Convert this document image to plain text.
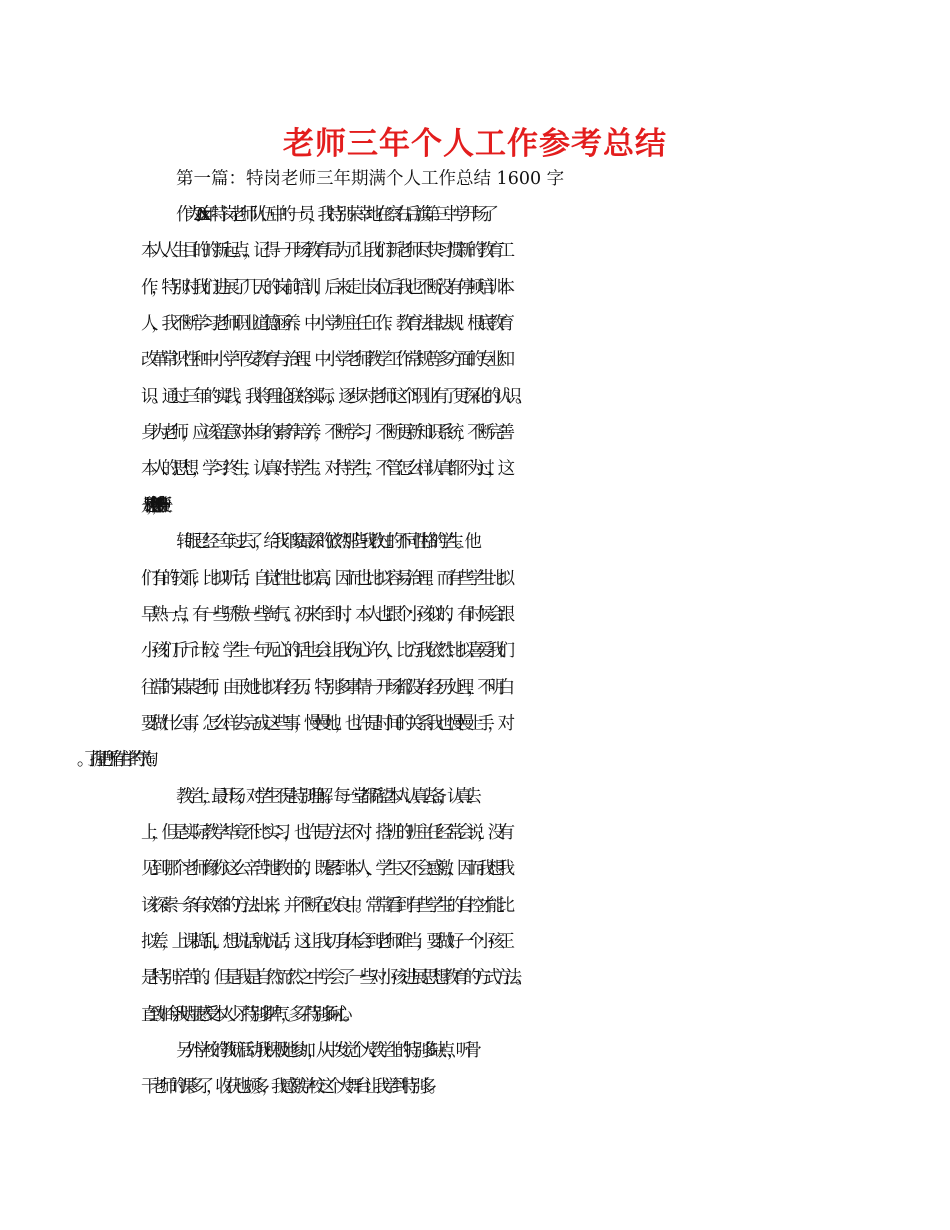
老师三年个人工作参考总结
第一篇：特岗老师三年期满个人工作总结 1600 字
作为 20xx 年特岗老师队伍中的一员，我特别荣幸地在察右后旗第三中学开场了
本人人生目的的新起点，记得一开场教育局为了让我们新老师尽快习惯新的教育工
作，特别对我们进展了几天的岗前培训，后来走上岗位后我也不断没有停顿培训本
人，我不断学习老师职业道德涵养、中小学班主任工作、教育法律法规、根底教育
改革常识性和中小学平安教育与治理、中小学老师教学工作常规等多方面的专业知
识。通过三年的实践，我将理论联络实际，逐步对老师这个职业有了更深化的认识。
身为老师，应该留意对本身的素养培养，不断学习，不断更新知识系统，不断完善
本人的思想，学习终生，认真对待学生。对待学生，不管怎么样认真都不为过，这
是一种态度，一种精神，一种责任！
转眼已经三年过去了，给我印象最深的依然那些我教过的不同性格的学生。他
们有的较乖，比拟听话，自觉性也比拟高，因而也比拟容易治理。而有些学生比拟
早熟一点，有一些骄傲一些淘气。初来乍到时，本人也跟个小孩似的，有时候会跟
小孩们斤斤计较。学生一句无心的话也会让我伤心许久，比方我依然比拟喜爱我们
往常的某某老师，由于她比拟有经历。特别多事情一开场都没有经历处理，不明白
要做什么事，怎么样去完成这些事，慢慢地，也许是时间的关系我也慢慢上手，对
教学上，最开场，对学生不是特别理解。每一堂都希望本人认真去备，认真去
上，但是实际教学毕竟不比实习，也许是方法不对，搭班的班主任经常会说，没有
见到哪个老师像你这么辛苦地教书的，既累到本人，学生又不会感激，因而我想我
该探索一条有效率的方法出来，并不断在改良中。常常看到有些学生的自控才能比
拟差，上课捣乱，想说话就说话，这让我切身体会到老师难当，要做好一个小孩王
是特别辛苦的。但是我是自然而然之中学会了一些对小孩进展思想教育的方式方法。
直到如今我明显感受本人少了特别多脾气，多了特别多耐心。
另外学校的教研活动我积极地参加，从中发觉个人教学上的特别多缺点，听骨
干老师的课多了，收获也颇多，我感激学校这个大舞台让我学到特别多。
